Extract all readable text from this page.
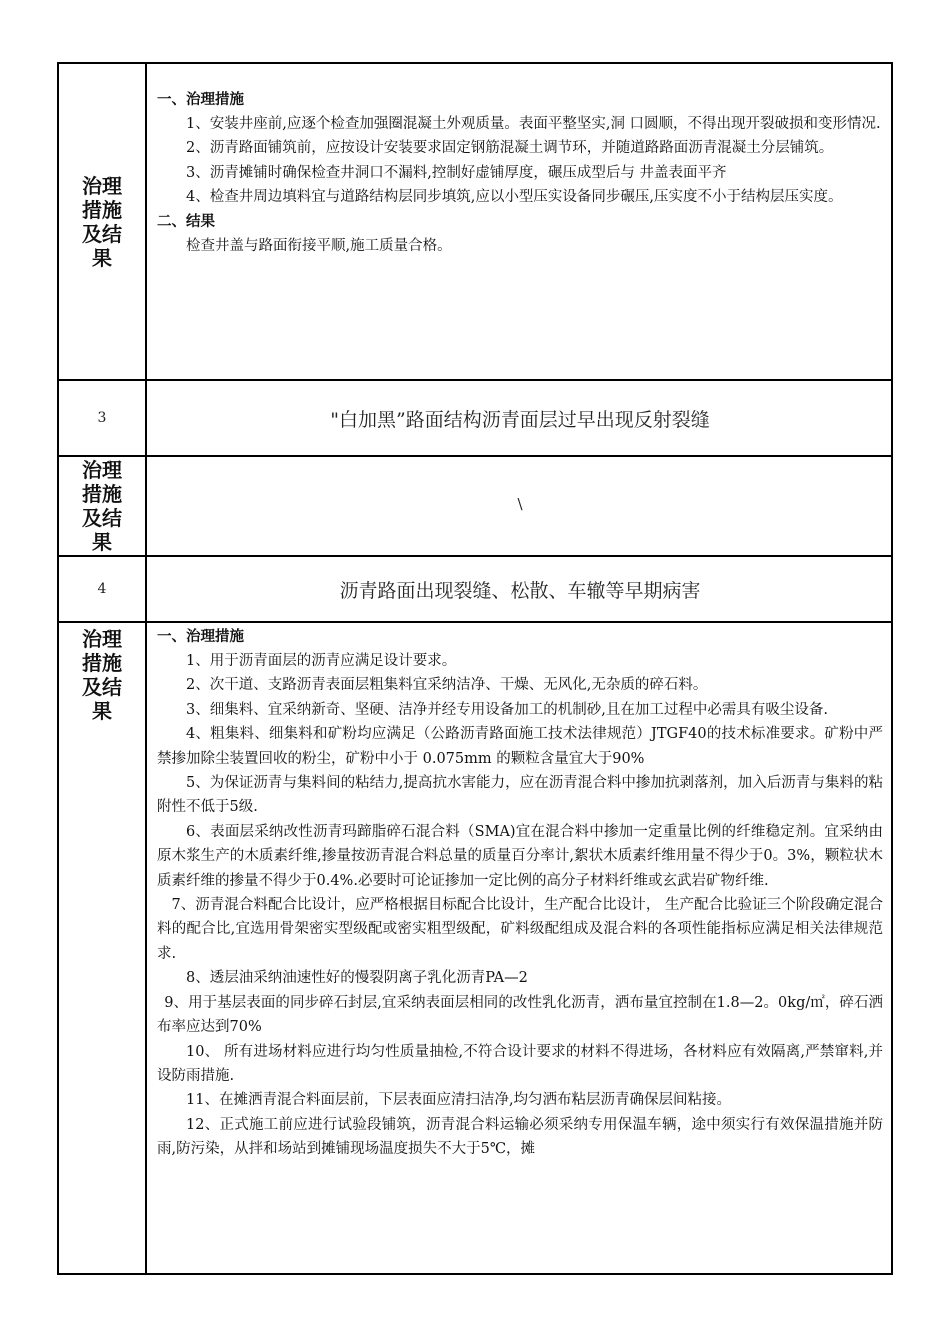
治理措施及结果

一、治理措施

1、安装井座前,应逐个检查加强圈混凝土外观质量。表面平整坚实,洞 口圆顺，不得出现开裂破损和变形情况.

2、沥青路面铺筑前，应按设计安装要求固定钢筋混凝土调节环，并随道路路面沥青混凝土分层铺筑。

3、沥青摊铺时确保检查井洞口不漏料,控制好虚铺厚度，碾压成型后与 井盖表面平齐

4、检查井周边填料宜与道路结构层同步填筑,应以小型压实设备同步碾压,压实度不小于结构层压实度。

二、结果

检查井盖与路面衔接平顺,施工质量合格。

3	"白加黑”路面结构沥青面层过早出现反射裂缝
治理措施及结果
\
4	沥青路面出现裂缝、松散、车辙等早期病害
治理措施及结果

一、治理措施

1、用于沥青面层的沥青应满足设计要求。

2、次干道、支路沥青表面层粗集料宜采纳洁净、干燥、无风化,无杂质的碎石料。

3、细集料、宜采纳新奇、坚硬、洁净并经专用设备加工的机制砂,且在加工过程中必需具有吸尘设备.

4、粗集料、细集料和矿粉均应满足（公路沥青路面施工技术法律规范）JTGF40的技术标准要求。矿粉中严禁掺加除尘装置回收的粉尘，矿粉中小于 0.075mm 的颗粒含量宜大于90%

5、为保证沥青与集料间的粘结力,提高抗水害能力，应在沥青混合料中掺加抗剥落剂，加入后沥青与集料的粘附性不低于5级.

6、表面层采纳改性沥青玛蹄脂碎石混合料（SMA)宜在混合料中掺加一定重量比例的纤维稳定剂。宜采纳由原木浆生产的木质素纤维,掺量按沥青混合料总量的质量百分率计,絮状木质素纤维用量不得少于0。3%，颗粒状木质素纤维的掺量不得少于0.4%.必要时可论证掺加一定比例的高分子材料纤维或玄武岩矿物纤维.

7、沥青混合料配合比设计，应严格根据目标配合比设计，生产配合比设计， 生产配合比验证三个阶段确定混合料的配合比,宜选用骨架密实型级配或密实粗型级配，矿料级配组成及混合料的各项性能指标应满足相关法律规范求.

8、透层油采纳油速性好的慢裂阴离子乳化沥青PA—2

9、用于基层表面的同步碎石封层,宜采纳表面层相同的改性乳化沥青，洒布量宜控制在1.8—2。0kg/㎡，碎石洒布率应达到70%

10、 所有进场材料应进行均匀性质量抽检,不符合设计要求的材料不得进场，各材料应有效隔离,严禁窜料,并设防雨措施.

11、在摊洒青混合料面层前，下层表面应清扫洁净,均匀洒布粘层沥青确保层间粘接。

12、正式施工前应进行试验段铺筑，沥青混合料运输必须采纳专用保温车辆，途中须实行有效保温措施并防雨,防污染，从拌和场站到摊铺现场温度损失不大于5℃，摊
